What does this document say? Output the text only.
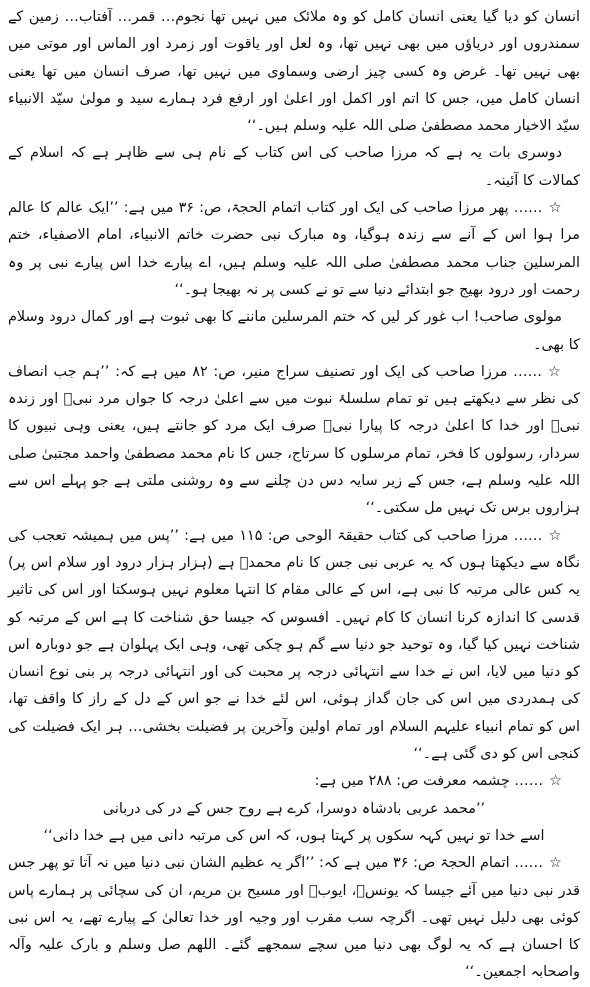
انسان کو دیا گیا یعنی انسان کامل کو وہ ملائک میں نہیں تھا نجوم… قمر… آفتاب… زمین کے سمندروں اور دریاؤں میں بھی نہیں تھا، وہ لعل اور یاقوت اور زمرد اور الماس اور موتی میں بھی نہیں تھا۔ غرض وہ کسی چیز ارضی وسماوی میں نہیں تھا، صرف انسان میں تھا یعنی انسان کامل میں، جس کا اتم اور اکمل اور اعلیٰ اور ارفع فرد ہمارے سید و مولیٰ سیّد الانبیاء سیّد الاخیار محمد مصطفیٰ صلی اللہ علیہ وسلم ہیں۔‘‘

دوسری بات یہ ہے کہ مرزا صاحب کی اس کتاب کے نام ہی سے ظاہر ہے کہ اسلام کے کمالات کا آئینہ۔

☆…… پھر مرزا صاحب کی ایک اور کتاب اتمام الحجۃ، ص: ۳۶ میں ہے: ’’ایک عالم کا عالم مرا ہوا اس کے آنے سے زندہ ہوگیا، وہ مبارک نبی حضرت خاتم الانبیاء، امام الاصفیاء، ختم المرسلین جناب محمد مصطفیٰ صلی اللہ علیہ وسلم ہیں، اے پیارے خدا اس پیارے نبی پر وہ رحمت اور درود بھیج جو ابتدائے دنیا سے تو نے کسی پر نہ بھیجا ہو۔‘‘

مولوی صاحب! اب غور کر لیں کہ ختم المرسلین ماننے کا بھی ثبوت ہے اور کمال درود وسلام کا بھی۔

☆…… مرزا صاحب کی ایک اور تصنیف سراج منیر، ص: ۸۲ میں ہے کہ: ’’ہم جب انصاف کی نظر سے دیکھتے ہیں تو تمام سلسلۂ نبوت میں سے اعلیٰ درجہ کا جواں مرد نبیؐ اور زندہ نبیؐ اور خدا کا اعلیٰ درجہ کا پیارا نبیؐ صرف ایک مرد کو جانتے ہیں، یعنی وہی نبیوں کا سردار، رسولوں کا فخر، تمام مرسلوں کا سرتاج، جس کا نام محمد مصطفیٰ واحمد مجتبیٰ صلی اللہ علیہ وسلم ہے، جس کے زیر سایہ دس دن چلنے سے وہ روشنی ملتی ہے جو پہلے اس سے ہزاروں برس تک نہیں مل سکتی۔‘‘

☆…… مرزا صاحب کی کتاب حقیقۃ الوحی ص: ۱۱۵ میں ہے: ’’پس میں ہمیشہ تعجب کی نگاہ سے دیکھتا ہوں کہ یہ عربی نبی جس کا نام محمدؐ ہے (ہزار ہزار درود اور سلام اس پر) یہ کس عالی مرتبہ کا نبی ہے، اس کے عالی مقام کا انتہا معلوم نہیں ہوسکتا اور اس کی تاثیر قدسی کا اندازہ کرنا انسان کا کام نہیں۔ افسوس کہ جیسا حق شناخت کا ہے اس کے مرتبہ کو شناخت نہیں کیا گیا، وہ توحید جو دنیا سے گم ہو چکی تھی، وہی ایک پہلوان ہے جو دوبارہ اس کو دنیا میں لایا، اس نے خدا سے انتہائی درجہ پر محبت کی اور انتہائی درجہ پر بنی نوع انسان کی ہمدردی میں اس کی جان گداز ہوئی، اس لئے خدا نے جو اس کے دل کے راز کا واقف تھا، اس کو تمام انبیاء علیہم السلام اور تمام اولین وآخرین پر فضیلت بخشی… ہر ایک فضیلت کی کنجی اس کو دی گئی ہے۔‘‘

☆…… چشمہ معرفت ص: ۲۸۸ میں ہے:

’’محمد عربی بادشاہ دوسرا، کرے ہے روح جس کے در کی دربانی

اسے خدا تو نہیں کہہ سکوں پر کہتا ہوں، کہ اس کی مرتبہ دانی میں ہے خدا دانی‘‘

☆…… اتمام الحجۃ ص: ۳۶ میں ہے کہ: ’’اگر یہ عظیم الشان نبی دنیا میں نہ آتا تو پھر جس قدر نبی دنیا میں آئے جیسا کہ یونسؑ، ایوبؑ اور مسیح بن مریم، ان کی سچائی پر ہمارے پاس کوئی بھی دلیل نہیں تھی۔ اگرچہ سب مقرب اور وجیہ اور خدا تعالیٰ کے پیارے تھے، یہ اس نبی کا احسان ہے کہ یہ لوگ بھی دنیا میں سچے سمجھے گئے۔ اللھم صل وسلم و بارک علیہ وآلہ واصحابہ اجمعین۔‘‘
